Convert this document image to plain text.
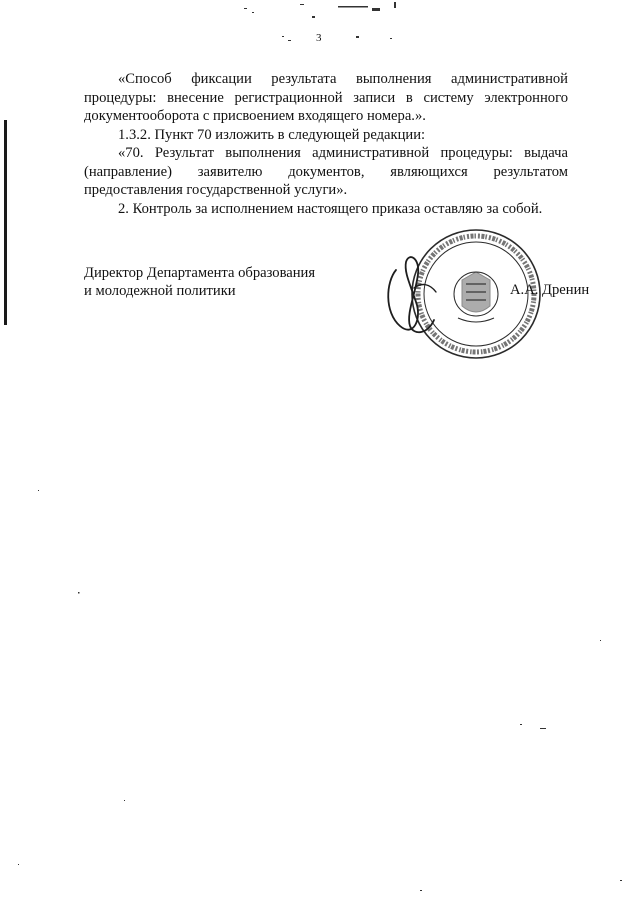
3

«Способ фиксации результата выполнения административной процедуры: внесение регистрационной записи в систему электронного документооборота с присвоением входящего номера.».

1.3.2. Пункт 70 изложить в следующей редакции:

«70. Результат выполнения административной процедуры: выдача (направление) заявителю документов, являющихся результатом предоставления государственной услуги».

2. Контроль за исполнением настоящего приказа оставляю за собой.

Директор Департамента образования
и молодежной политики	А.А. Дренин
